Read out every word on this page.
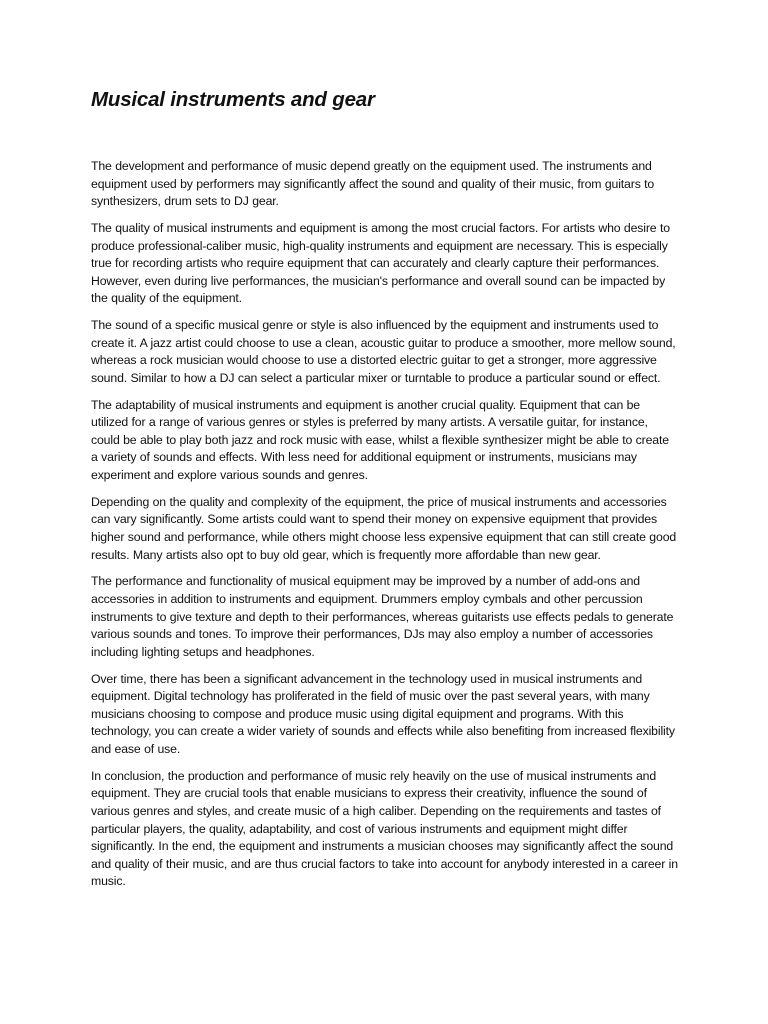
Musical instruments and gear

The development and performance of music depend greatly on the equipment used. The instruments and equipment used by performers may significantly affect the sound and quality of their music, from guitars to synthesizers, drum sets to DJ gear.

The quality of musical instruments and equipment is among the most crucial factors. For artists who desire to produce professional-caliber music, high-quality instruments and equipment are necessary. This is especially true for recording artists who require equipment that can accurately and clearly capture their performances. However, even during live performances, the musician's performance and overall sound can be impacted by the quality of the equipment.

The sound of a specific musical genre or style is also influenced by the equipment and instruments used to create it. A jazz artist could choose to use a clean, acoustic guitar to produce a smoother, more mellow sound, whereas a rock musician would choose to use a distorted electric guitar to get a stronger, more aggressive sound. Similar to how a DJ can select a particular mixer or turntable to produce a particular sound or effect.

The adaptability of musical instruments and equipment is another crucial quality. Equipment that can be utilized for a range of various genres or styles is preferred by many artists. A versatile guitar, for instance, could be able to play both jazz and rock music with ease, whilst a flexible synthesizer might be able to create a variety of sounds and effects. With less need for additional equipment or instruments, musicians may experiment and explore various sounds and genres.

Depending on the quality and complexity of the equipment, the price of musical instruments and accessories can vary significantly. Some artists could want to spend their money on expensive equipment that provides higher sound and performance, while others might choose less expensive equipment that can still create good results. Many artists also opt to buy old gear, which is frequently more affordable than new gear.

The performance and functionality of musical equipment may be improved by a number of add-ons and accessories in addition to instruments and equipment. Drummers employ cymbals and other percussion instruments to give texture and depth to their performances, whereas guitarists use effects pedals to generate various sounds and tones. To improve their performances, DJs may also employ a number of accessories including lighting setups and headphones.

Over time, there has been a significant advancement in the technology used in musical instruments and equipment. Digital technology has proliferated in the field of music over the past several years, with many musicians choosing to compose and produce music using digital equipment and programs. With this technology, you can create a wider variety of sounds and effects while also benefiting from increased flexibility and ease of use.

In conclusion, the production and performance of music rely heavily on the use of musical instruments and equipment. They are crucial tools that enable musicians to express their creativity, influence the sound of various genres and styles, and create music of a high caliber. Depending on the requirements and tastes of particular players, the quality, adaptability, and cost of various instruments and equipment might differ significantly. In the end, the equipment and instruments a musician chooses may significantly affect the sound and quality of their music, and are thus crucial factors to take into account for anybody interested in a career in music.
